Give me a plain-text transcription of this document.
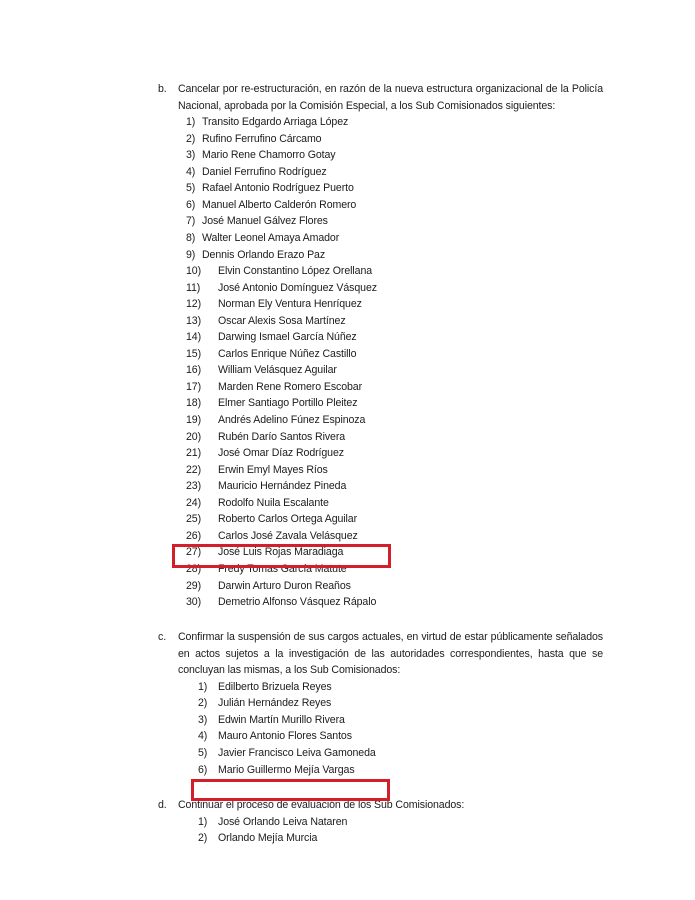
b. Cancelar por re-estructuración, en razón de la nueva estructura organizacional de la Policía Nacional, aprobada por la Comisión Especial, a los Sub Comisionados siguientes:
1) Transito Edgardo Arriaga López
2) Rufino Ferrufino Cárcamo
3) Mario Rene Chamorro Gotay
4) Daniel Ferrufino Rodríguez
5) Rafael Antonio Rodríguez Puerto
6) Manuel Alberto Calderón Romero
7) José Manuel Gálvez Flores
8) Walter Leonel Amaya Amador
9) Dennis Orlando Erazo Paz
10) Elvin Constantino López Orellana
11) José Antonio Domínguez Vásquez
12) Norman Ely Ventura Henríquez
13) Oscar Alexis Sosa Martínez
14) Darwing Ismael García Núñez
15) Carlos Enrique Núñez Castillo
16) William Velásquez Aguilar
17) Marden Rene Romero Escobar
18) Elmer Santiago Portillo Pleitez
19) Andrés Adelino Fúnez Espinoza
20) Rubén Darío Santos Rivera
21) José Omar Díaz Rodríguez
22) Erwin Emyl Mayes Ríos
23) Mauricio Hernández Pineda
24) Rodolfo Nuila Escalante
25) Roberto Carlos Ortega Aguilar
26) Carlos José Zavala Velásquez
27) José Luis Rojas Maradiaga
28) Fredy Tomas García Matute
29) Darwin Arturo Duron Reaños
30) Demetrio Alfonso Vásquez Rápalo
c. Confirmar la suspensión de sus cargos actuales, en virtud de estar públicamente señalados en actos sujetos a la investigación de las autoridades correspondientes, hasta que se concluyan las mismas, a los Sub Comisionados:
1) Edilberto Brizuela Reyes
2) Julián Hernández Reyes
3) Edwin Martín Murillo Rivera
4) Mauro Antonio Flores Santos
5) Javier Francisco Leiva Gamoneda
6) Mario Guillermo Mejía Vargas
d. Continuar el proceso de evaluación de los Sub Comisionados:
1) José Orlando Leiva Nataren
2) Orlando Mejía Murcia
